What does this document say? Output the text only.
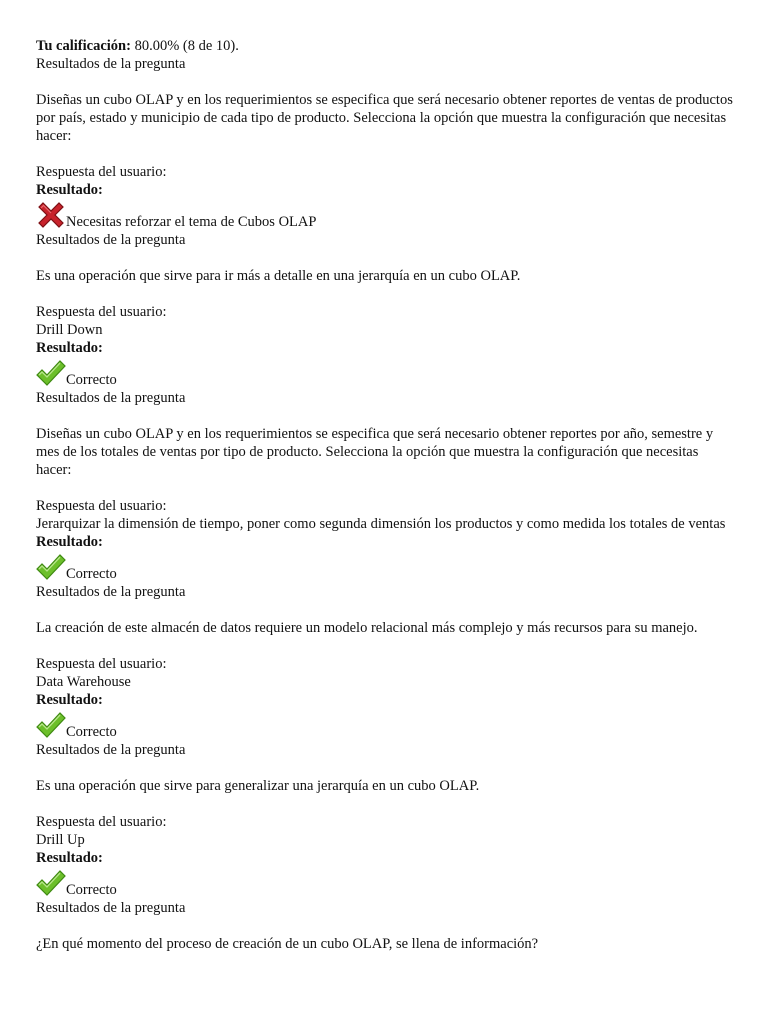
Tu calificación: 80.00% (8 de 10).
Resultados de la pregunta
Diseñas un cubo OLAP y en los requerimientos se especifica que será necesario obtener reportes de ventas de productos por país, estado y municipio de cada tipo de producto. Selecciona la opción que muestra la configuración que necesitas hacer:
Respuesta del usuario:
Resultado:
Necesitas reforzar el tema de Cubos OLAP
Resultados de la pregunta
Es una operación que sirve para ir más a detalle en una jerarquía en un cubo OLAP.
Respuesta del usuario:
Drill Down
Resultado:
Correcto
Resultados de la pregunta
Diseñas un cubo OLAP y en los requerimientos se especifica que será necesario obtener reportes por año, semestre y mes de los totales de ventas por tipo de producto. Selecciona la opción que muestra la configuración que necesitas hacer:
Respuesta del usuario:
Jerarquizar la dimensión de tiempo, poner como segunda dimensión los productos y como medida los totales de ventas
Resultado:
Correcto
Resultados de la pregunta
La creación de este almacén de datos requiere un modelo relacional más complejo y más recursos para su manejo.
Respuesta del usuario:
Data Warehouse
Resultado:
Correcto
Resultados de la pregunta
Es una operación que sirve para generalizar una jerarquía en un cubo OLAP.
Respuesta del usuario:
Drill Up
Resultado:
Correcto
Resultados de la pregunta
¿En qué momento del proceso de creación de un cubo OLAP, se llena de información?
